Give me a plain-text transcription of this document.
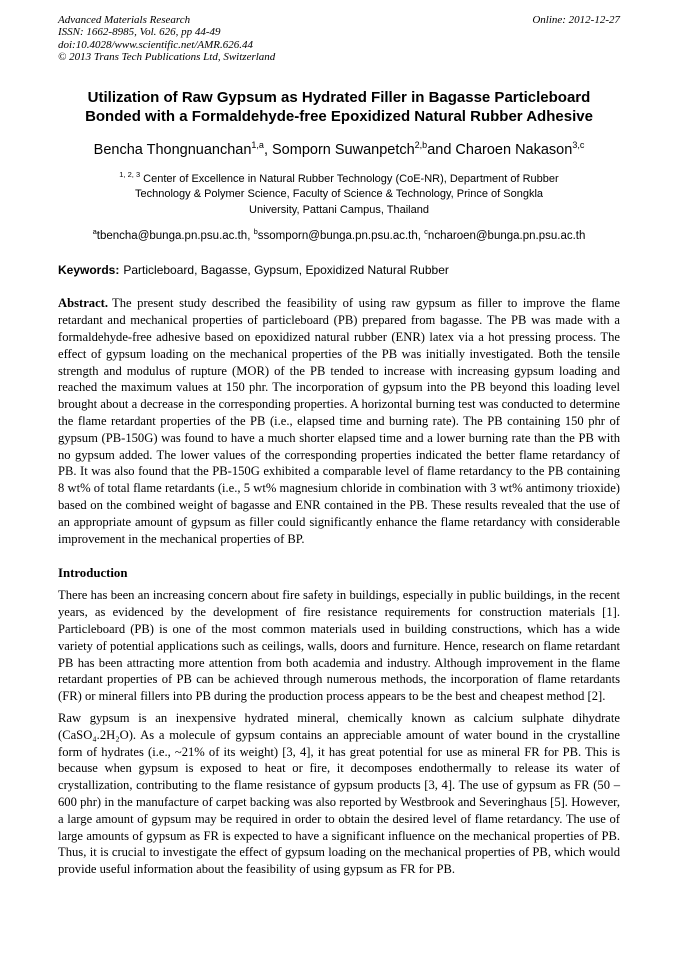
Advanced Materials Research
ISSN: 1662-8985, Vol. 626, pp 44-49
doi:10.4028/www.scientific.net/AMR.626.44
© 2013 Trans Tech Publications Ltd, Switzerland
Online: 2012-12-27
Utilization of Raw Gypsum as Hydrated Filler in Bagasse Particleboard Bonded with a Formaldehyde-free Epoxidized Natural Rubber Adhesive

Bencha Thongnuanchan$^{1,a}$, Somporn Suwanpetch$^{2,b}$and Charoen Nakason$^{3,c}$

$^{1, 2, 3}$ Center of Excellence in Natural Rubber Technology (CoE-NR), Department of Rubber Technology & Polymer Science, Faculty of Science & Technology, Prince of Songkla University, Pattani Campus, Thailand

$^a$tbencha@bunga.pn.psu.ac.th, $^b$ssomporn@bunga.pn.psu.ac.th, $^c$ncharoen@bunga.pn.psu.ac.th

Keywords: Particleboard, Bagasse, Gypsum, Epoxidized Natural Rubber

Abstract. The present study described the feasibility of using raw gypsum as filler to improve the flame retardant and mechanical properties of particleboard (PB) prepared from bagasse. The PB was made with a formaldehyde-free adhesive based on epoxidized natural rubber (ENR) latex via a hot pressing process. The effect of gypsum loading on the mechanical properties of the PB was initially investigated. Both the tensile strength and modulus of rupture (MOR) of the PB tended to increase with increasing gypsum loading and reached the maximum values at 150 phr. The incorporation of gypsum into the PB beyond this loading level brought about a decrease in the corresponding properties. A horizontal burning test was conducted to determine the flame retardant properties of the PB (i.e., elapsed time and burning rate). The PB containing 150 phr of gypsum (PB-150G) was found to have a much shorter elapsed time and a lower burning rate than the PB with no gypsum added. The lower values of the corresponding properties indicated the better flame retardancy of PB. It was also found that the PB-150G exhibited a comparable level of flame retardancy to the PB containing 8 wt% of total flame retardants (i.e., 5 wt% magnesium chloride in combination with 3 wt% antimony trioxide) based on the combined weight of bagasse and ENR contained in the PB. These results revealed that the use of an appropriate amount of gypsum as filler could significantly enhance the flame retardancy with considerable improvement in the mechanical properties of BP.

Introduction

There has been an increasing concern about fire safety in buildings, especially in public buildings, in the recent years, as evidenced by the development of fire resistance requirements for construction materials [1]. Particleboard (PB) is one of the most common materials used in building constructions, which has a wide variety of potential applications such as ceilings, walls, doors and furniture. Hence, research on flame retardant PB has been attracting more attention from both academia and industry. Although improvement in the flame retardant properties of PB can be achieved through numerous methods, the incorporation of flame retardants (FR) or mineral fillers into PB during the production process appears to be the best and cheapest method [2].

Raw gypsum is an inexpensive hydrated mineral, chemically known as calcium sulphate dihydrate (CaSO₄.2H₂O). As a molecule of gypsum contains an appreciable amount of water bound in the crystalline form of hydrates (i.e., ~21% of its weight) [3, 4], it has great potential for use as mineral FR for PB. This is because when gypsum is exposed to heat or fire, it decomposes endothermally to release its water of crystallization, contributing to the flame resistance of gypsum products [3, 4]. The use of gypsum as FR (50 – 600 phr) in the manufacture of carpet backing was also reported by Westbrook and Severinghaus [5]. However, a large amount of gypsum may be required in order to obtain the desired level of flame retardancy. The use of large amounts of gypsum as FR is expected to have a significant influence on the mechanical properties of PB. Thus, it is crucial to investigate the effect of gypsum loading on the mechanical properties of PB, which would provide useful information about the feasibility of using gypsum as FR for PB.
